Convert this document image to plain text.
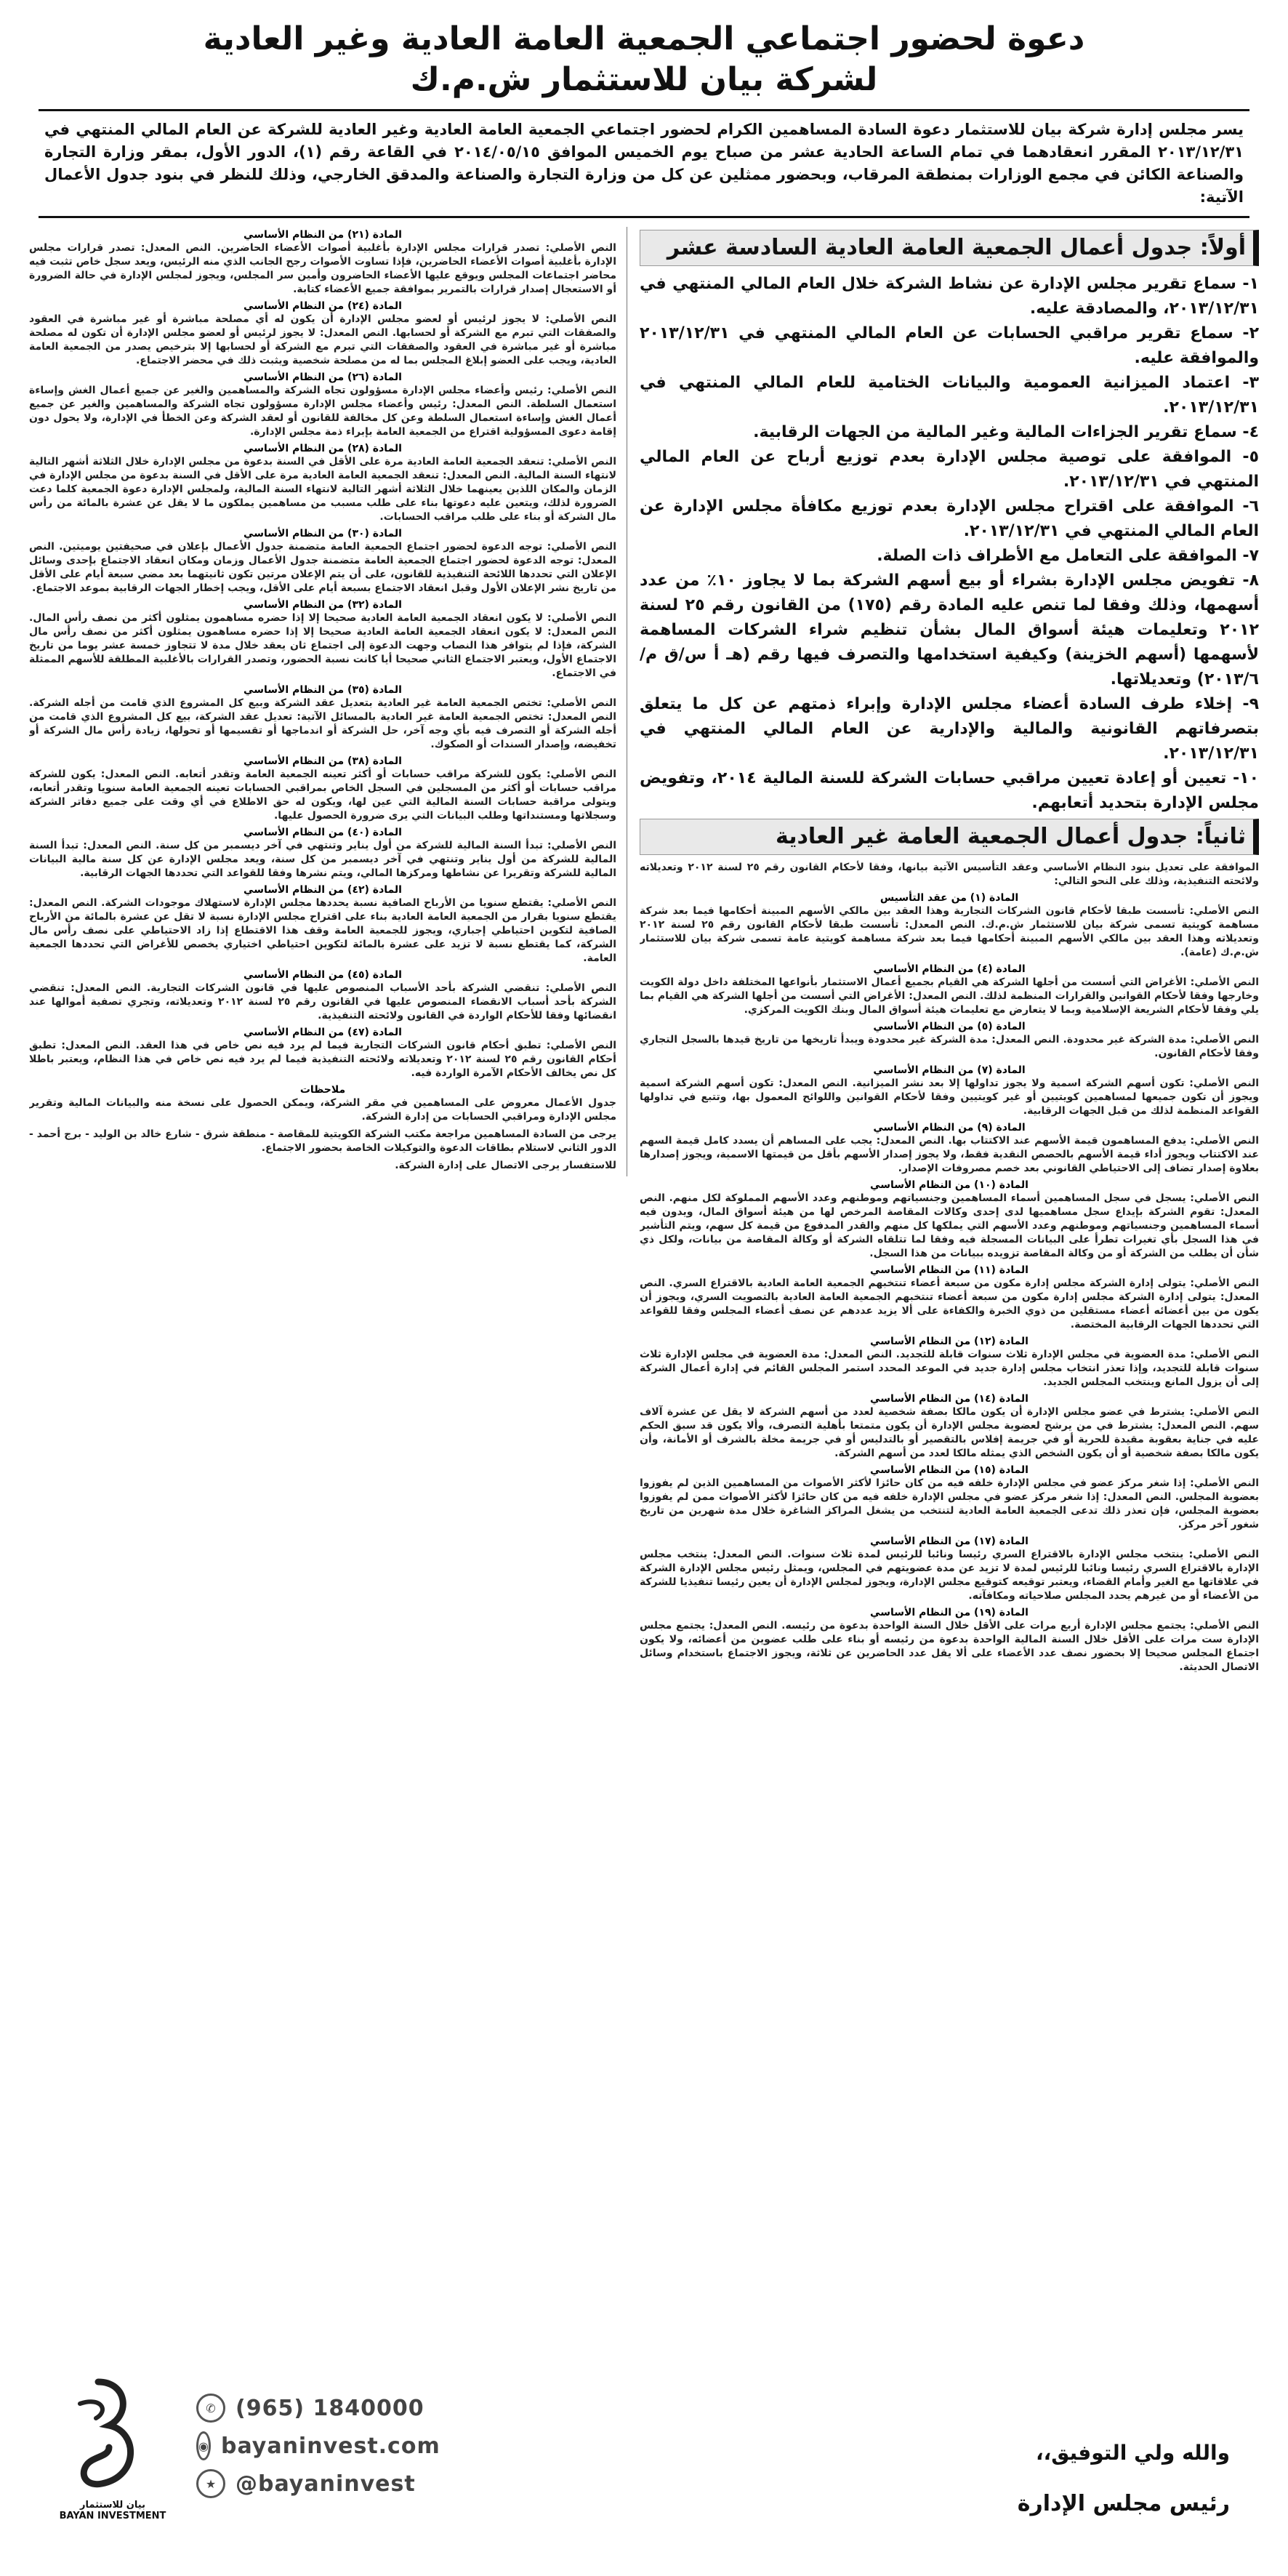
دعوة لحضور اجتماعي الجمعية العامة العادية وغير العادية
لشركة بيان للاستثمار ش.م.ك
يسر مجلس إدارة شركة بيان للاستثمار دعوة السادة المساهمين الكرام لحضور اجتماعي الجمعية العامة العادية وغير العادية للشركة عن العام المالي المنتهي في ٢٠١٣/١٢/٣١ المقرر انعقادهما في تمام الساعة الحادية عشر من صباح يوم الخميس الموافق ٢٠١٤/٠٥/١٥ في القاعة رقم (١)، الدور الأول، بمقر وزارة التجارة والصناعة الكائن في مجمع الوزارات بمنطقة المرقاب، وبحضور ممثلين عن كل من وزارة التجارة والصناعة والمدقق الخارجي، وذلك للنظر في بنود جدول الأعمال الآتية:
أولاً: جدول أعمال الجمعية العامة العادية السادسة عشر

١- سماع تقرير مجلس الإدارة عن نشاط الشركة خلال العام المالي المنتهي في ٢٠١٣/١٢/٣١، والمصادقة عليه.

٢- سماع تقرير مراقبي الحسابات عن العام المالي المنتهي في ٢٠١٣/١٢/٣١ والموافقة عليه.

٣- اعتماد الميزانية العمومية والبيانات الختامية للعام المالي المنتهي في ٢٠١٣/١٢/٣١.

٤- سماع تقرير الجزاءات المالية وغير المالية من الجهات الرقابية.

٥- الموافقة على توصية مجلس الإدارة بعدم توزيع أرباح عن العام المالي المنتهي في ٢٠١٣/١٢/٣١.

٦- الموافقة على اقتراح مجلس الإدارة بعدم توزيع مكافأة مجلس الإدارة عن العام المالي المنتهي في ٢٠١٣/١٢/٣١.

٧- الموافقة على التعامل مع الأطراف ذات الصلة.

٨- تفويض مجلس الإدارة بشراء أو بيع أسهم الشركة بما لا يجاوز ١٠٪ من عدد أسهمها، وذلك وفقا لما تنص عليه المادة رقم (١٧٥) من القانون رقم ٢٥ لسنة ٢٠١٢ وتعليمات هيئة أسواق المال بشأن تنظيم شراء الشركات المساهمة لأسهمها (أسهم الخزينة) وكيفية استخدامها والتصرف فيها رقم (هـ أ س/ق م/٢٠١٣/٦) وتعديلاتها.

٩- إخلاء طرف السادة أعضاء مجلس الإدارة وإبراء ذمتهم عن كل ما يتعلق بتصرفاتهم القانونية والمالية والإدارية عن العام المالي المنتهي في ٢٠١٣/١٢/٣١.

١٠- تعيين أو إعادة تعيين مراقبي حسابات الشركة للسنة المالية ٢٠١٤، وتفويض مجلس الإدارة بتحديد أتعابهم.

ثانياً: جدول أعمال الجمعية العامة غير العادية

الموافقة على تعديل بنود النظام الأساسي وعقد التأسيس الآتية بيانها، وفقا لأحكام القانون رقم ٢٥ لسنة ٢٠١٢ وتعديلاته ولائحته التنفيذية، وذلك على النحو التالي:

المادة (١) من عقد التأسيس

النص الأصلي: تأسست طبقا لأحكام قانون الشركات التجارية وهذا العقد بين مالكي الأسهم المبينة أحكامها فيما بعد شركة مساهمة كويتية تسمى شركة بيان للاستثمار ش.م.ك. النص المعدل: تأسست طبقا لأحكام القانون رقم ٢٥ لسنة ٢٠١٢ وتعديلاته وهذا العقد بين مالكي الأسهم المبينة أحكامها فيما بعد شركة مساهمة كويتية عامة تسمى شركة بيان للاستثمار ش.م.ك (عامة).

المادة (٤) من النظام الأساسي

النص الأصلي: الأغراض التي أسست من أجلها الشركة هي القيام بجميع أعمال الاستثمار بأنواعها المختلفة داخل دولة الكويت وخارجها وفقا لأحكام القوانين والقرارات المنظمة لذلك. النص المعدل: الأغراض التي أسست من أجلها الشركة هي القيام بما يلي وفقا لأحكام الشريعة الإسلامية وبما لا يتعارض مع تعليمات هيئة أسواق المال وبنك الكويت المركزي.

المادة (٥) من النظام الأساسي

النص الأصلي: مدة الشركة غير محدودة. النص المعدل: مدة الشركة غير محدودة ويبدأ تاريخها من تاريخ قيدها بالسجل التجاري وفقا لأحكام القانون.

المادة (٧) من النظام الأساسي

النص الأصلي: تكون أسهم الشركة اسمية ولا يجوز تداولها إلا بعد نشر الميزانية. النص المعدل: تكون أسهم الشركة اسمية ويجوز أن تكون جميعها لمساهمين كويتيين أو غير كويتيين وفقا لأحكام القوانين واللوائح المعمول بها، وتتبع في تداولها القواعد المنظمة لذلك من قبل الجهات الرقابية.

المادة (٩) من النظام الأساسي

النص الأصلي: يدفع المساهمون قيمة الأسهم عند الاكتتاب بها. النص المعدل: يجب على المساهم أن يسدد كامل قيمة السهم عند الاكتتاب ويجوز أداء قيمة الأسهم بالحصص النقدية فقط، ولا يجوز إصدار الأسهم بأقل من قيمتها الاسمية، ويجوز إصدارها بعلاوة إصدار تضاف إلى الاحتياطي القانوني بعد خصم مصروفات الإصدار.

المادة (١٠) من النظام الأساسي

النص الأصلي: يسجل في سجل المساهمين أسماء المساهمين وجنسياتهم وموطنهم وعدد الأسهم المملوكة لكل منهم. النص المعدل: تقوم الشركة بإيداع سجل مساهميها لدى إحدى وكالات المقاصة المرخص لها من هيئة أسواق المال، ويدون فيه أسماء المساهمين وجنسياتهم وموطنهم وعدد الأسهم التي يملكها كل منهم والقدر المدفوع من قيمة كل سهم، ويتم التأشير في هذا السجل بأي تغيرات تطرأ على البيانات المسجلة فيه وفقا لما تتلقاه الشركة أو وكالة المقاصة من بيانات، ولكل ذي شأن أن يطلب من الشركة أو من وكالة المقاصة تزويده ببيانات من هذا السجل.

المادة (١١) من النظام الأساسي

النص الأصلي: يتولى إدارة الشركة مجلس إدارة مكون من سبعة أعضاء تنتخبهم الجمعية العامة العادية بالاقتراع السري. النص المعدل: يتولى إدارة الشركة مجلس إدارة مكون من سبعة أعضاء تنتخبهم الجمعية العامة العادية بالتصويت السري، ويجوز أن يكون من بين أعضائه أعضاء مستقلين من ذوي الخبرة والكفاءة على ألا يزيد عددهم عن نصف أعضاء المجلس وفقا للقواعد التي تحددها الجهات الرقابية المختصة.

المادة (١٢) من النظام الأساسي

النص الأصلي: مدة العضوية في مجلس الإدارة ثلاث سنوات قابلة للتجديد. النص المعدل: مدة العضوية في مجلس الإدارة ثلاث سنوات قابلة للتجديد، وإذا تعذر انتخاب مجلس إدارة جديد في الموعد المحدد استمر المجلس القائم في إدارة أعمال الشركة إلى أن يزول المانع وينتخب المجلس الجديد.

المادة (١٤) من النظام الأساسي

النص الأصلي: يشترط في عضو مجلس الإدارة أن يكون مالكا بصفة شخصية لعدد من أسهم الشركة لا يقل عن عشرة آلاف سهم. النص المعدل: يشترط في من يرشح لعضوية مجلس الإدارة أن يكون متمتعا بأهلية التصرف، وألا يكون قد سبق الحكم عليه في جناية بعقوبة مقيدة للحرية أو في جريمة إفلاس بالتقصير أو بالتدليس أو في جريمة مخلة بالشرف أو الأمانة، وأن يكون مالكا بصفة شخصية أو أن يكون الشخص الذي يمثله مالكا لعدد من أسهم الشركة.

المادة (١٥) من النظام الأساسي

النص الأصلي: إذا شغر مركز عضو في مجلس الإدارة خلفه فيه من كان حائزا لأكثر الأصوات من المساهمين الذين لم يفوزوا بعضوية المجلس. النص المعدل: إذا شغر مركز عضو في مجلس الإدارة خلفه فيه من كان حائزا لأكثر الأصوات ممن لم يفوزوا بعضوية المجلس، فإن تعذر ذلك تدعى الجمعية العامة العادية لتنتخب من يشغل المراكز الشاغرة خلال مدة شهرين من تاريخ شغور آخر مركز.

المادة (١٧) من النظام الأساسي

النص الأصلي: ينتخب مجلس الإدارة بالاقتراع السري رئيسا ونائبا للرئيس لمدة ثلاث سنوات. النص المعدل: ينتخب مجلس الإدارة بالاقتراع السري رئيسا ونائبا للرئيس لمدة لا تزيد عن مدة عضويتهم في المجلس، ويمثل رئيس مجلس الإدارة الشركة في علاقاتها مع الغير وأمام القضاء، ويعتبر توقيعه كتوقيع مجلس الإدارة، ويجوز لمجلس الإدارة أن يعين رئيسا تنفيذيا للشركة من الأعضاء أو من غيرهم يحدد المجلس صلاحياته ومكافآته.

المادة (١٩) من النظام الأساسي

النص الأصلي: يجتمع مجلس الإدارة أربع مرات على الأقل خلال السنة الواحدة بدعوة من رئيسه. النص المعدل: يجتمع مجلس الإدارة ست مرات على الأقل خلال السنة المالية الواحدة بدعوة من رئيسه أو بناء على طلب عضوين من أعضائه، ولا يكون اجتماع المجلس صحيحا إلا بحضور نصف عدد الأعضاء على ألا يقل عدد الحاضرين عن ثلاثة، ويجوز الاجتماع باستخدام وسائل الاتصال الحديثة.

المادة (٢١) من النظام الأساسي

النص الأصلي: تصدر قرارات مجلس الإدارة بأغلبية أصوات الأعضاء الحاضرين. النص المعدل: تصدر قرارات مجلس الإدارة بأغلبية أصوات الأعضاء الحاضرين، فإذا تساوت الأصوات رجح الجانب الذي منه الرئيس، ويعد سجل خاص تثبت فيه محاضر اجتماعات المجلس ويوقع عليها الأعضاء الحاضرون وأمين سر المجلس، ويجوز لمجلس الإدارة في حالة الضرورة أو الاستعجال إصدار قرارات بالتمرير بموافقة جميع الأعضاء كتابة.

المادة (٢٤) من النظام الأساسي

النص الأصلي: لا يجوز لرئيس أو لعضو مجلس الإدارة أن يكون له أي مصلحة مباشرة أو غير مباشرة في العقود والصفقات التي تبرم مع الشركة أو لحسابها. النص المعدل: لا يجوز لرئيس أو لعضو مجلس الإدارة أن تكون له مصلحة مباشرة أو غير مباشرة في العقود والصفقات التي تبرم مع الشركة أو لحسابها إلا بترخيص يصدر من الجمعية العامة العادية، ويجب على العضو إبلاغ المجلس بما له من مصلحة شخصية ويثبت ذلك في محضر الاجتماع.

المادة (٢٦) من النظام الأساسي

النص الأصلي: رئيس وأعضاء مجلس الإدارة مسؤولون تجاه الشركة والمساهمين والغير عن جميع أعمال الغش وإساءة استعمال السلطة. النص المعدل: رئيس وأعضاء مجلس الإدارة مسؤولون تجاه الشركة والمساهمين والغير عن جميع أعمال الغش وإساءة استعمال السلطة وعن كل مخالفة للقانون أو لعقد الشركة وعن الخطأ في الإدارة، ولا يحول دون إقامة دعوى المسؤولية اقتراع من الجمعية العامة بإبراء ذمة مجلس الإدارة.

المادة (٢٨) من النظام الأساسي

النص الأصلي: تنعقد الجمعية العامة العادية مرة على الأقل في السنة بدعوة من مجلس الإدارة خلال الثلاثة أشهر التالية لانتهاء السنة المالية. النص المعدل: تنعقد الجمعية العامة العادية مرة على الأقل في السنة بدعوة من مجلس الإدارة في الزمان والمكان اللذين يعينهما خلال الثلاثة أشهر التالية لانتهاء السنة المالية، ولمجلس الإدارة دعوة الجمعية كلما دعت الضرورة لذلك، ويتعين عليه دعوتها بناء على طلب مسبب من مساهمين يملكون ما لا يقل عن عشرة بالمائة من رأس مال الشركة أو بناء على طلب مراقب الحسابات.

المادة (٣٠) من النظام الأساسي

النص الأصلي: توجه الدعوة لحضور اجتماع الجمعية العامة متضمنة جدول الأعمال بإعلان في صحيفتين يوميتين. النص المعدل: توجه الدعوة لحضور اجتماع الجمعية العامة متضمنة جدول الأعمال وزمان ومكان انعقاد الاجتماع بإحدى وسائل الإعلان التي تحددها اللائحة التنفيذية للقانون، على أن يتم الإعلان مرتين تكون ثانيتهما بعد مضي سبعة أيام على الأقل من تاريخ نشر الإعلان الأول وقبل انعقاد الاجتماع بسبعة أيام على الأقل، ويجب إخطار الجهات الرقابية بموعد الاجتماع.

المادة (٣٢) من النظام الأساسي

النص الأصلي: لا يكون انعقاد الجمعية العامة العادية صحيحا إلا إذا حضره مساهمون يمثلون أكثر من نصف رأس المال. النص المعدل: لا يكون انعقاد الجمعية العامة العادية صحيحا إلا إذا حضره مساهمون يمثلون أكثر من نصف رأس مال الشركة، فإذا لم يتوافر هذا النصاب وجهت الدعوة إلى اجتماع ثان يعقد خلال مدة لا تتجاوز خمسة عشر يوما من تاريخ الاجتماع الأول، ويعتبر الاجتماع الثاني صحيحا أيا كانت نسبة الحضور، وتصدر القرارات بالأغلبية المطلقة للأسهم الممثلة في الاجتماع.

المادة (٣٥) من النظام الأساسي

النص الأصلي: تختص الجمعية العامة غير العادية بتعديل عقد الشركة وبيع كل المشروع الذي قامت من أجله الشركة. النص المعدل: تختص الجمعية العامة غير العادية بالمسائل الآتية: تعديل عقد الشركة، بيع كل المشروع الذي قامت من أجله الشركة أو التصرف فيه بأي وجه آخر، حل الشركة أو اندماجها أو تقسيمها أو تحولها، زيادة رأس مال الشركة أو تخفيضه، وإصدار السندات أو الصكوك.

المادة (٣٨) من النظام الأساسي

النص الأصلي: يكون للشركة مراقب حسابات أو أكثر تعينه الجمعية العامة وتقدر أتعابه. النص المعدل: يكون للشركة مراقب حسابات أو أكثر من المسجلين في السجل الخاص بمراقبي الحسابات تعينه الجمعية العامة سنويا وتقدر أتعابه، ويتولى مراقبة حسابات السنة المالية التي عين لها، ويكون له حق الاطلاع في أي وقت على جميع دفاتر الشركة وسجلاتها ومستنداتها وطلب البيانات التي يرى ضرورة الحصول عليها.

المادة (٤٠) من النظام الأساسي

النص الأصلي: تبدأ السنة المالية للشركة من أول يناير وتنتهي في آخر ديسمبر من كل سنة. النص المعدل: تبدأ السنة المالية للشركة من أول يناير وتنتهي في آخر ديسمبر من كل سنة، ويعد مجلس الإدارة عن كل سنة مالية البيانات المالية للشركة وتقريرا عن نشاطها ومركزها المالي، ويتم نشرها وفقا للقواعد التي تحددها الجهات الرقابية.

المادة (٤٢) من النظام الأساسي

النص الأصلي: يقتطع سنويا من الأرباح الصافية نسبة يحددها مجلس الإدارة لاستهلاك موجودات الشركة. النص المعدل: يقتطع سنويا بقرار من الجمعية العامة العادية بناء على اقتراح مجلس الإدارة نسبة لا تقل عن عشرة بالمائة من الأرباح الصافية لتكوين احتياطي إجباري، ويجوز للجمعية العامة وقف هذا الاقتطاع إذا زاد الاحتياطي على نصف رأس مال الشركة، كما يقتطع نسبة لا تزيد على عشرة بالمائة لتكوين احتياطي اختياري يخصص للأغراض التي تحددها الجمعية العامة.

المادة (٤٥) من النظام الأساسي

النص الأصلي: تنقضي الشركة بأحد الأسباب المنصوص عليها في قانون الشركات التجارية. النص المعدل: تنقضي الشركة بأحد أسباب الانقضاء المنصوص عليها في القانون رقم ٢٥ لسنة ٢٠١٢ وتعديلاته، وتجري تصفية أموالها عند انقضائها وفقا للأحكام الواردة في القانون ولائحته التنفيذية.

المادة (٤٧) من النظام الأساسي

النص الأصلي: تطبق أحكام قانون الشركات التجارية فيما لم يرد فيه نص خاص في هذا العقد. النص المعدل: تطبق أحكام القانون رقم ٢٥ لسنة ٢٠١٢ وتعديلاته ولائحته التنفيذية فيما لم يرد فيه نص خاص في هذا النظام، ويعتبر باطلا كل نص يخالف الأحكام الآمرة الواردة فيه.

ملاحظات

جدول الأعمال معروض على المساهمين في مقر الشركة، ويمكن الحصول على نسخة منه والبيانات المالية وتقرير مجلس الإدارة ومراقبي الحسابات من إدارة الشركة.

يرجى من السادة المساهمين مراجعة مكتب الشركة الكويتية للمقاصة - منطقة شرق - شارع خالد بن الوليد - برج أحمد - الدور الثاني لاستلام بطاقات الدعوة والتوكيلات الخاصة بحضور الاجتماع.

للاستفسار يرجى الاتصال على إدارة الشركة.

بيان للاستثمار
BAYAN INVESTMENT
✆ (965) 1840000
◉ bayaninvest.com
★ @bayaninvest
والله ولي التوفيق،،
رئيس مجلس الإدارة
